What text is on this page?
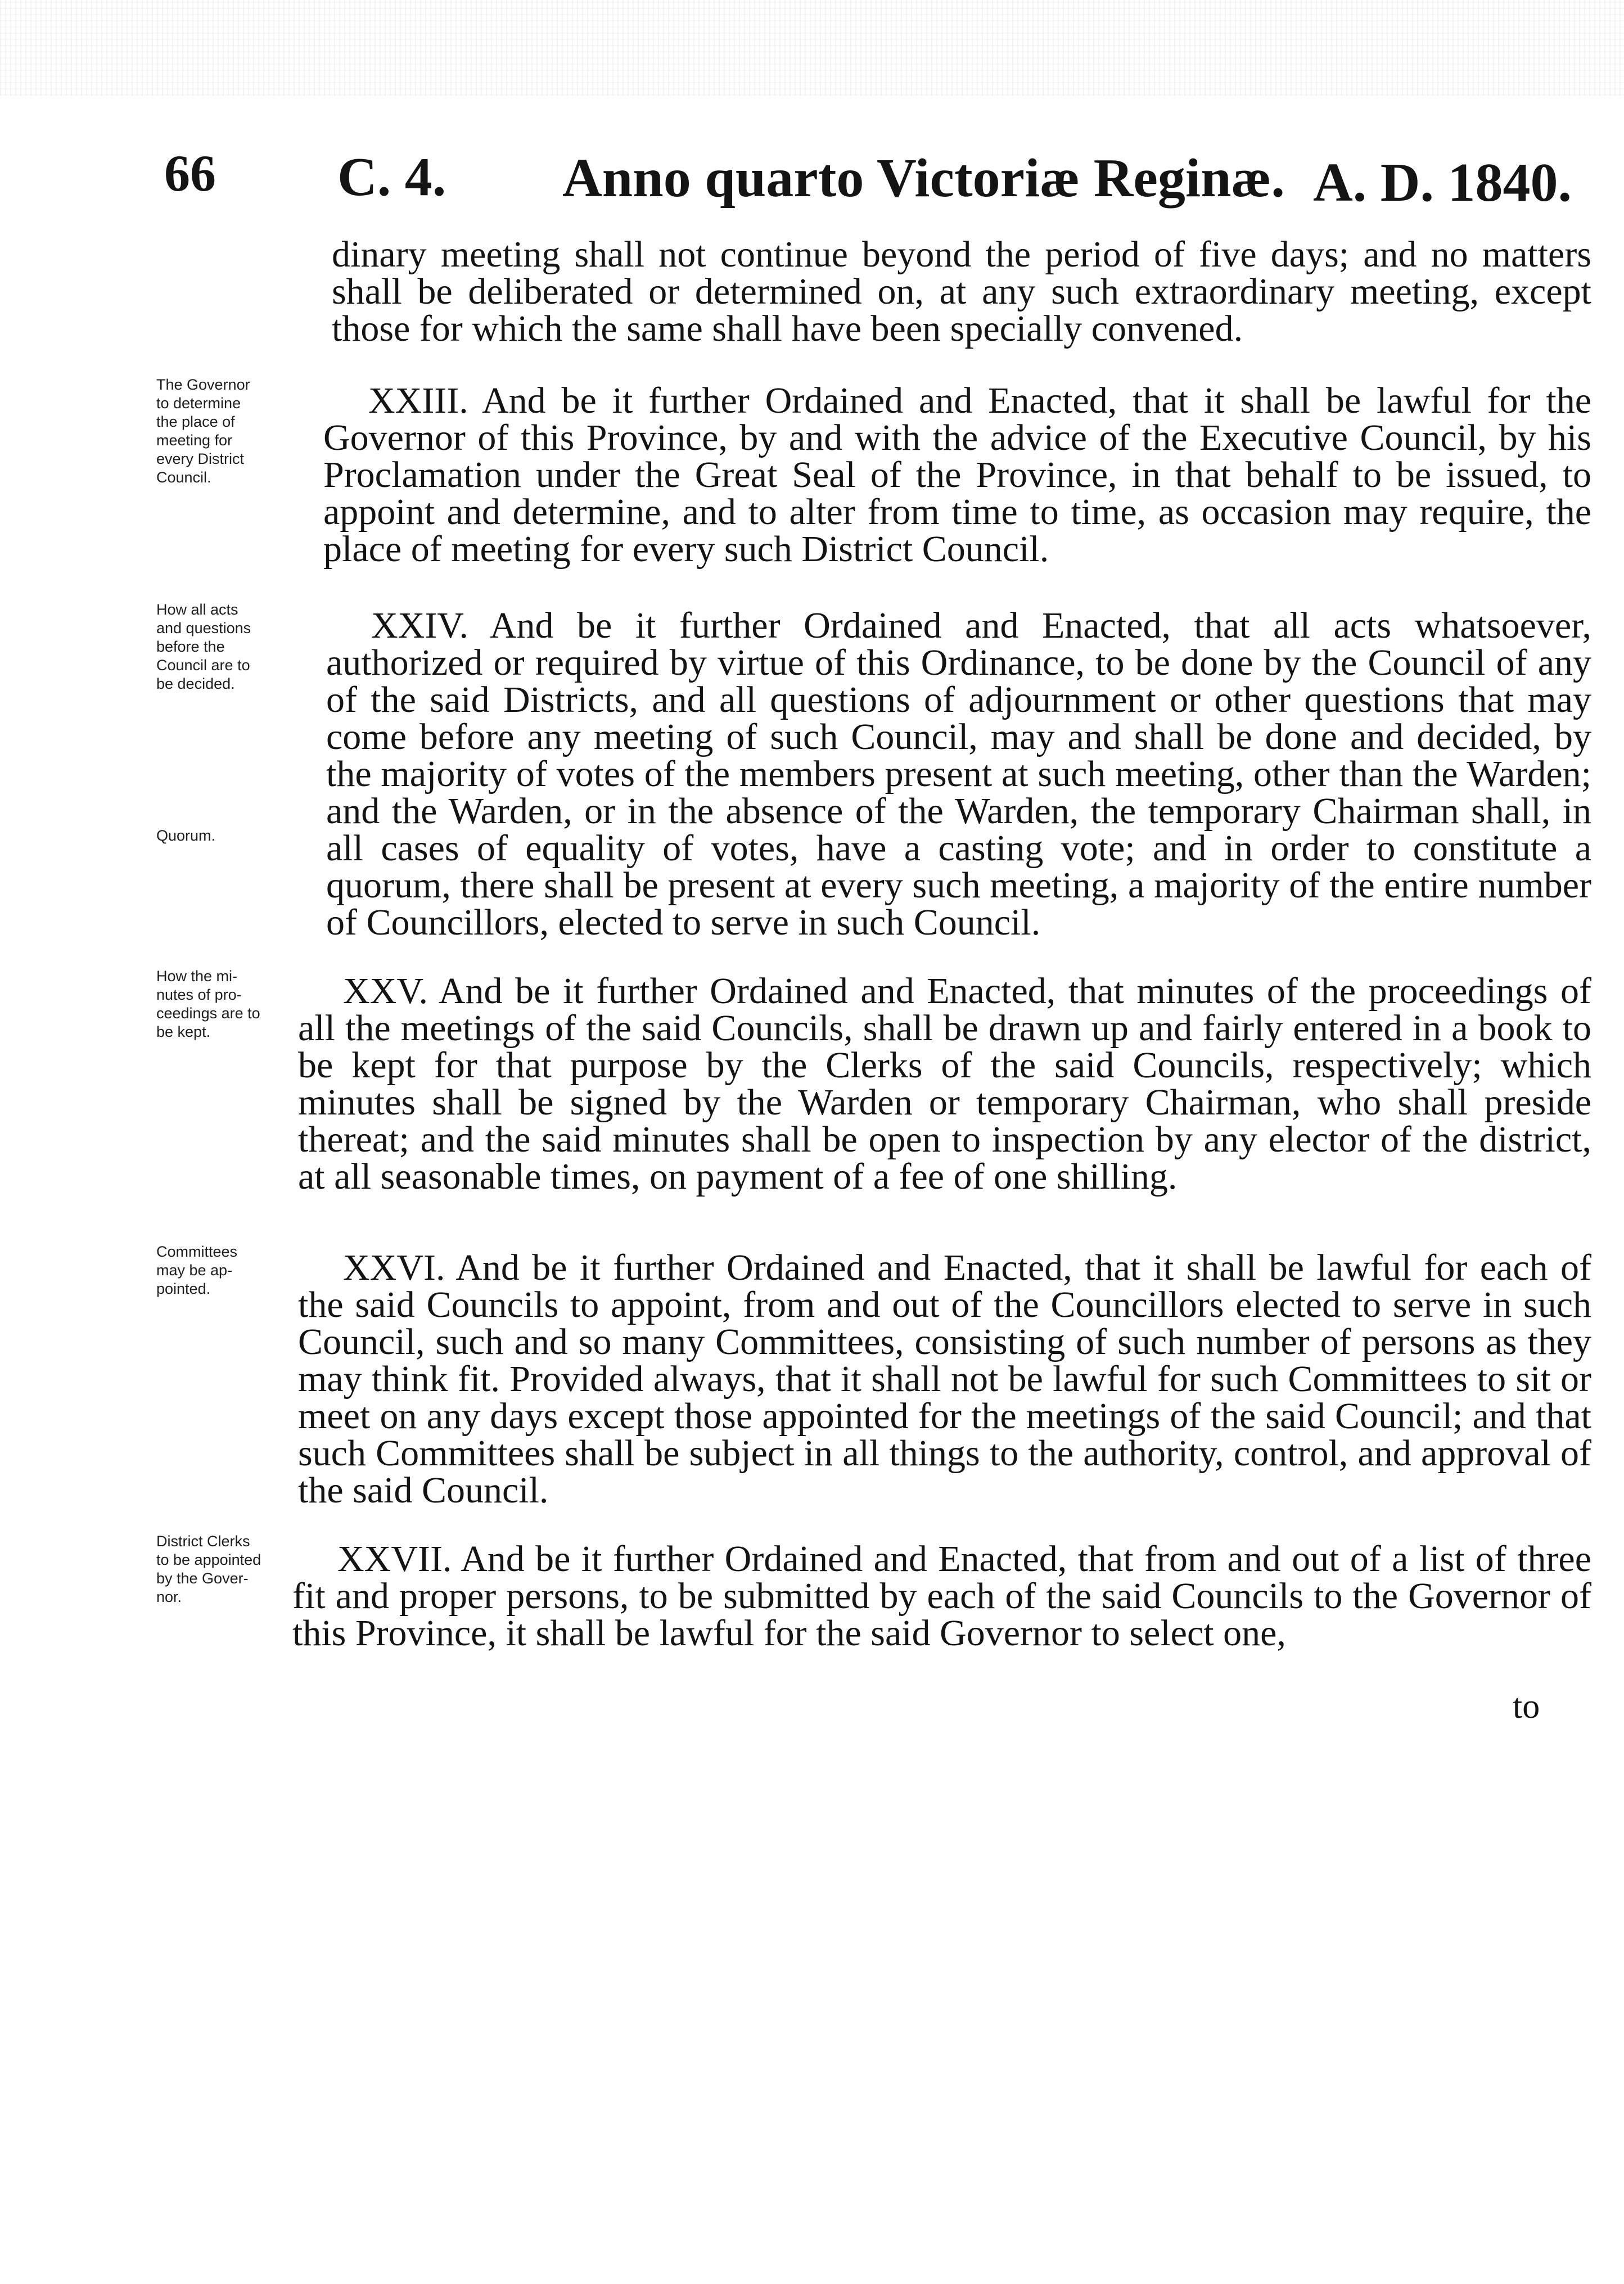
66 C. 4. Anno quarto Victoriæ Reginæ. A. D. 1840.
dinary meeting shall not continue beyond the period of five days; and no matters shall be deliberated or determined on, at any such extraordinary meeting, except those for which the same shall have been specially convened.
The Governor
to determine
the place of
meeting for
every District
Council.
XXIII. And be it further Ordained and Enacted, that it shall be lawful for the Governor of this Province, by and with the advice of the Executive Council, by his Proclamation under the Great Seal of the Province, in that behalf to be issued, to appoint and determine, and to alter from time to time, as occasion may require, the place of meeting for every such District Council.
How all acts
and questions
before the
Council are to
be decided.
Quorum.
XXIV. And be it further Ordained and Enacted, that all acts whatsoever, authorized or required by virtue of this Ordinance, to be done by the Council of any of the said Districts, and all questions of adjournment or other questions that may come before any meeting of such Council, may and shall be done and decided, by the majority of votes of the members present at such meeting, other than the Warden; and the Warden, or in the absence of the Warden, the temporary Chairman shall, in all cases of equality of votes, have a casting vote; and in order to constitute a quorum, there shall be present at every such meeting, a majority of the entire number of Councillors, elected to serve in such Council.
How the mi-
nutes of pro-
ceedings are to
be kept.
XXV. And be it further Ordained and Enacted, that minutes of the proceedings of all the meetings of the said Councils, shall be drawn up and fairly entered in a book to be kept for that purpose by the Clerks of the said Councils, respectively; which minutes shall be signed by the Warden or temporary Chairman, who shall preside thereat; and the said minutes shall be open to inspection by any elector of the district, at all seasonable times, on payment of a fee of one shilling.
Committees
may be ap-
pointed.
XXVI. And be it further Ordained and Enacted, that it shall be lawful for each of the said Councils to appoint, from and out of the Councillors elected to serve in such Council, such and so many Committees, consisting of such number of persons as they may think fit. Provided always, that it shall not be lawful for such Committees to sit or meet on any days except those appointed for the meetings of the said Council; and that such Committees shall be subject in all things to the authority, control, and approval of the said Council.
District Clerks
to be appointed
by the Gover-
nor.
XXVII. And be it further Ordained and Enacted, that from and out of a list of three fit and proper persons, to be submitted by each of the said Councils to the Governor of this Province, it shall be lawful for the said Governor to select one,
to
